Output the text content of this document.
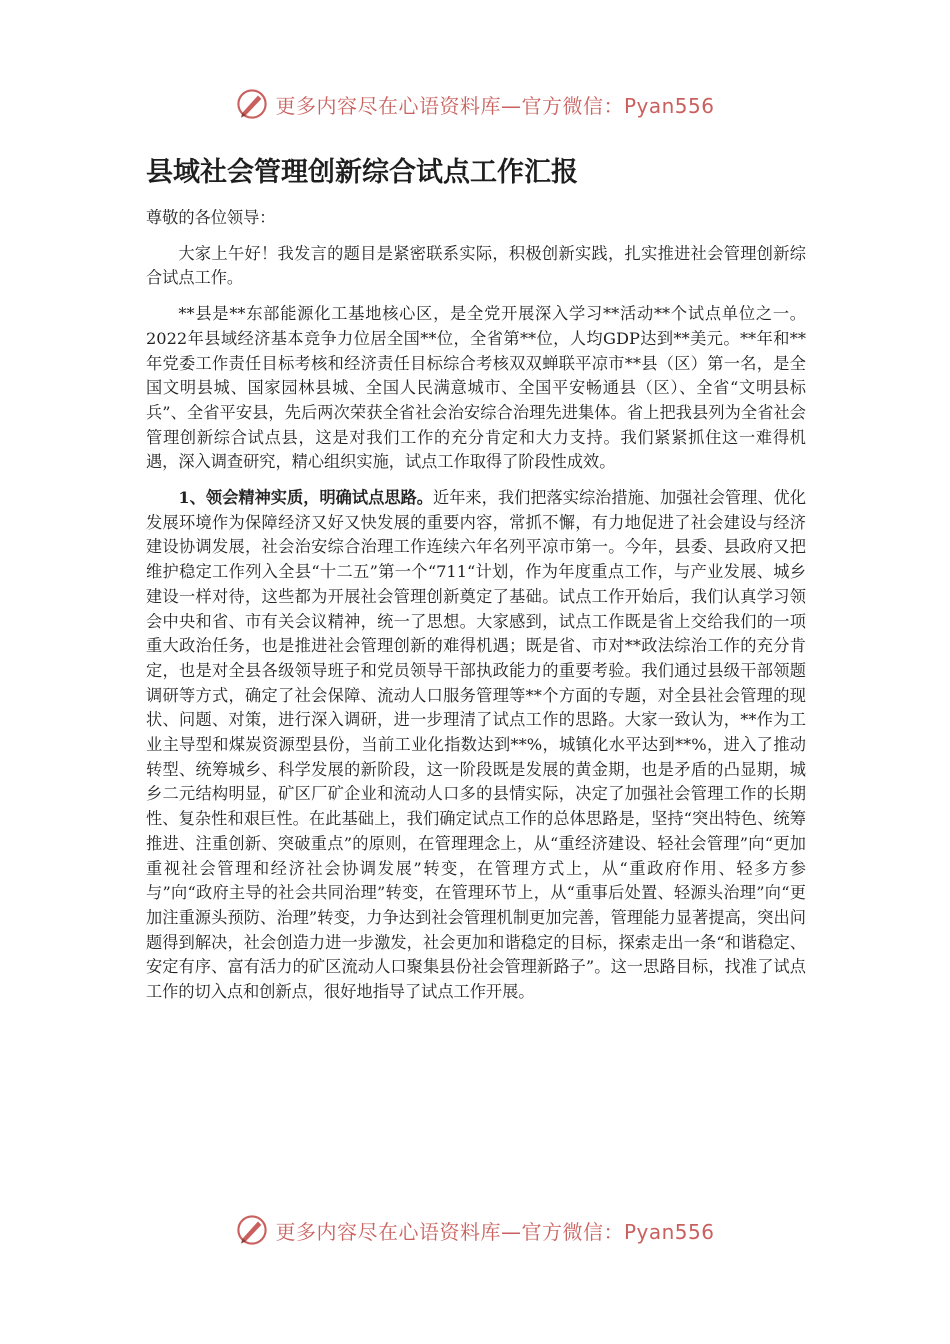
更多内容尽在心语资料库—官方微信：Pyan556
县域社会管理创新综合试点工作汇报

尊敬的各位领导：

大家上午好！我发言的题目是紧密联系实际，积极创新实践，扎实推进社会管理创新综合试点工作。

**县是**东部能源化工基地核心区，是全党开展深入学习**活动**个试点单位之一。2022年县域经济基本竞争力位居全国**位，全省第**位，人均GDP达到**美元。**年和**年党委工作责任目标考核和经济责任目标综合考核双双蝉联平凉市**县（区）第一名，是全国文明县城、国家园林县城、全国人民满意城市、全国平安畅通县（区）、全省“文明县标兵”、全省平安县，先后两次荣获全省社会治安综合治理先进集体。省上把我县列为全省社会管理创新综合试点县，这是对我们工作的充分肯定和大力支持。我们紧紧抓住这一难得机遇，深入调查研究，精心组织实施，试点工作取得了阶段性成效。

1、领会精神实质，明确试点思路。近年来，我们把落实综治措施、加强社会管理、优化发展环境作为保障经济又好又快发展的重要内容，常抓不懈，有力地促进了社会建设与经济建设协调发展，社会治安综合治理工作连续六年名列平凉市第一。今年，县委、县政府又把维护稳定工作列入全县“十二五”第一个“711“计划，作为年度重点工作，与产业发展、城乡建设一样对待，这些都为开展社会管理创新奠定了基础。试点工作开始后，我们认真学习领会中央和省、市有关会议精神，统一了思想。大家感到，试点工作既是省上交给我们的一项重大政治任务，也是推进社会管理创新的难得机遇；既是省、市对**政法综治工作的充分肯定，也是对全县各级领导班子和党员领导干部执政能力的重要考验。我们通过县级干部领题调研等方式，确定了社会保障、流动人口服务管理等**个方面的专题，对全县社会管理的现状、问题、对策，进行深入调研，进一步理清了试点工作的思路。大家一致认为，**作为工业主导型和煤炭资源型县份，当前工业化指数达到**%，城镇化水平达到**%，进入了推动转型、统筹城乡、科学发展的新阶段，这一阶段既是发展的黄金期，也是矛盾的凸显期，城乡二元结构明显，矿区厂矿企业和流动人口多的县情实际，决定了加强社会管理工作的长期性、复杂性和艰巨性。在此基础上，我们确定试点工作的总体思路是，坚持“突出特色、统筹推进、注重创新、突破重点”的原则，在管理理念上，从“重经济建设、轻社会管理”向“更加重视社会管理和经济社会协调发展”转变，在管理方式上，从“重政府作用、轻多方参与”向“政府主导的社会共同治理”转变，在管理环节上，从“重事后处置、轻源头治理”向“更加注重源头预防、治理”转变，力争达到社会管理机制更加完善，管理能力显著提高，突出问题得到解决，社会创造力进一步激发，社会更加和谐稳定的目标，探索走出一条“和谐稳定、安定有序、富有活力的矿区流动人口聚集县份社会管理新路子”。这一思路目标，找准了试点工作的切入点和创新点，很好地指导了试点工作开展。

更多内容尽在心语资料库—官方微信：Pyan556
